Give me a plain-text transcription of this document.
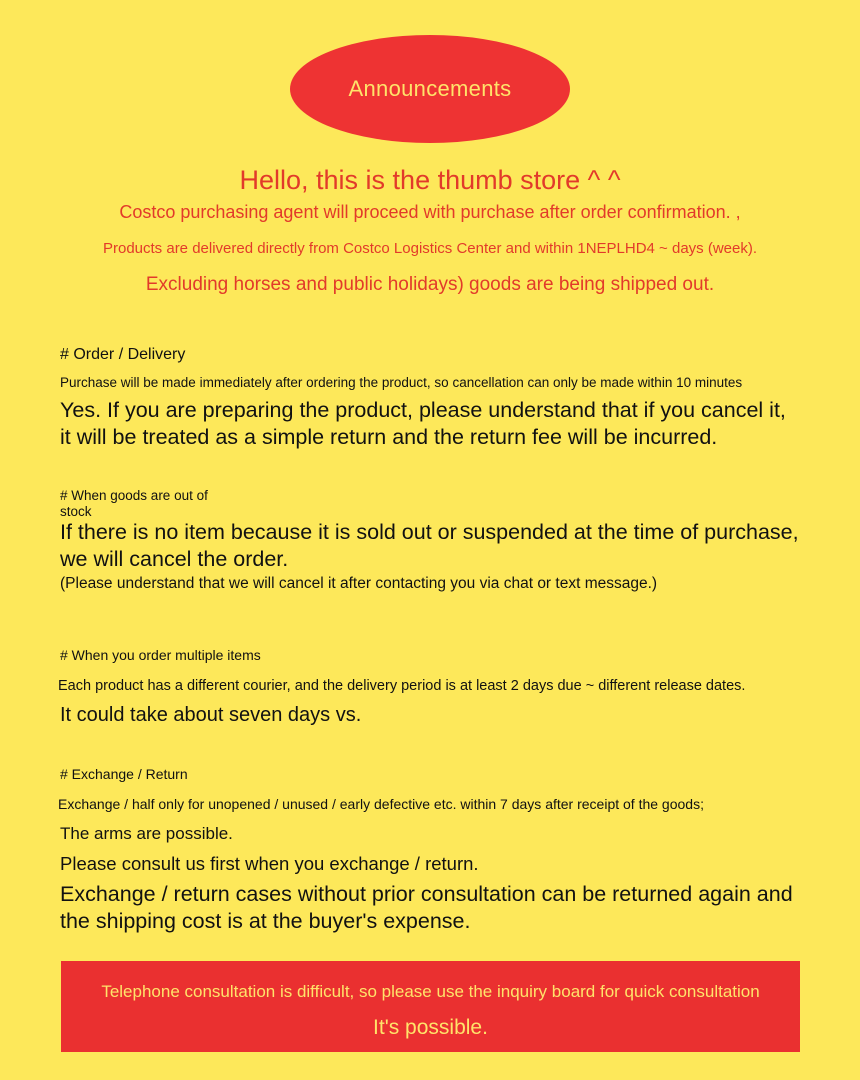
Announcements
Hello, this is the thumb store ^ ^
Costco purchasing agent will proceed with purchase after order confirmation. ,
Products are delivered directly from Costco Logistics Center and within 1NEPLHD4 ~ days (week).
Excluding horses and public holidays) goods are being shipped out.
# Order / Delivery
Purchase will be made immediately after ordering the product, so cancellation can only be made within 10 minutes
Yes. If you are preparing the product, please understand that if you cancel it, it will be treated as a simple return and the return fee will be incurred.
# When goods are out of
stock
If there is no item because it is sold out or suspended at the time of purchase, we will cancel the order.
(Please understand that we will cancel it after contacting you via chat or text message.)
# When you order multiple items
Each product has a different courier, and the delivery period is at least 2 days due ~ different release dates.
It could take about seven days vs.
# Exchange / Return
Exchange / half only for unopened / unused / early defective etc. within 7 days after receipt of the goods;
The arms are possible.
Please consult us first when you exchange / return.
Exchange / return cases without prior consultation can be returned again and the shipping cost is at the buyer's expense.
Telephone consultation is difficult, so please use the inquiry board for quick consultation
It's possible.
